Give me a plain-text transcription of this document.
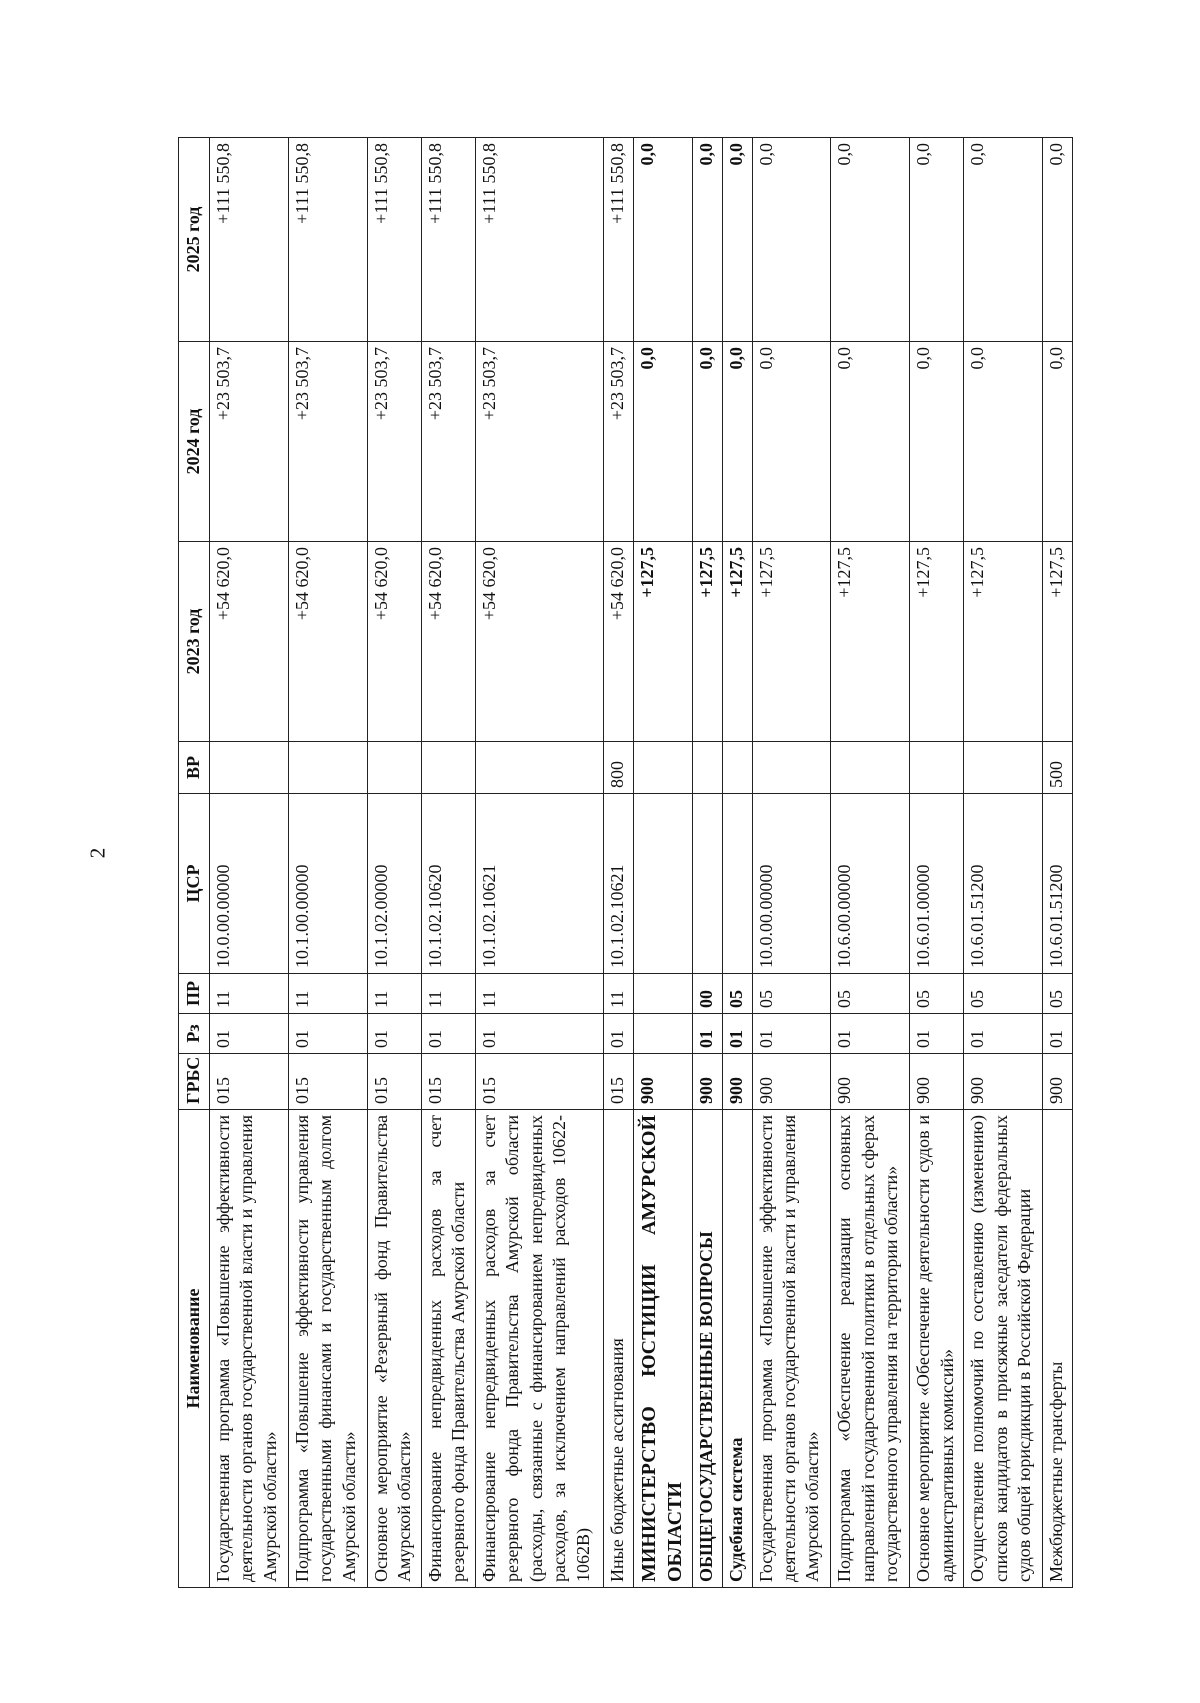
2
Наименование	ГРБС	Рз	ПР	ЦСР	ВР	2023 год	2024 год	2025 год
Государственная программа «Повышение эффективности деятельности органов государственной власти и управления Амурской области»	015	01	11	10.0.00.00000		+54 620,0	+23 503,7	+111 550,8
Подпрограмма «Повышение эффективности управления государственными финансами и государственным долгом Амурской области»	015	01	11	10.1.00.00000		+54 620,0	+23 503,7	+111 550,8
Основное мероприятие «Резервный фонд Правительства Амурской области»	015	01	11	10.1.02.00000		+54 620,0	+23 503,7	+111 550,8
Финансирование непредвиденных расходов за счет резервного фонда Правительства Амурской области	015	01	11	10.1.02.10620		+54 620,0	+23 503,7	+111 550,8
Финансирование непредвиденных расходов за счет резервного фонда Правительства Амурской области (расходы, связанные с финансированием непредвиденных расходов, за исключением направлений расходов 10622-1062В)	015	01	11	10.1.02.10621		+54 620,0	+23 503,7	+111 550,8
Иные бюджетные ассигнования	015	01	11	10.1.02.10621	800	+54 620,0	+23 503,7	+111 550,8
МИНИСТЕРСТВО ЮСТИЦИИ АМУРСКОЙ ОБЛАСТИ	900					+127,5	0,0	0,0
ОБЩЕГОСУДАРСТВЕННЫЕ ВОПРОСЫ	900	01	00			+127,5	0,0	0,0
Судебная система	900	01	05			+127,5	0,0	0,0
Государственная программа «Повышение эффективности деятельности органов государственной власти и управления Амурской области»	900	01	05	10.0.00.00000		+127,5	0,0	0,0
Подпрограмма «Обеспечение реализации основных направлений государственной политики в отдельных сферах государственного управления на территории области»	900	01	05	10.6.00.00000		+127,5	0,0	0,0
Основное мероприятие «Обеспечение деятельности судов и административных комиссий»	900	01	05	10.6.01.00000		+127,5	0,0	0,0
Осуществление полномочий по составлению (изменению) списков кандидатов в присяжные заседатели федеральных судов общей юрисдикции в Российской Федерации	900	01	05	10.6.01.51200		+127,5	0,0	0,0
Межбюджетные трансферты	900	01	05	10.6.01.51200	500	+127,5	0,0	0,0
